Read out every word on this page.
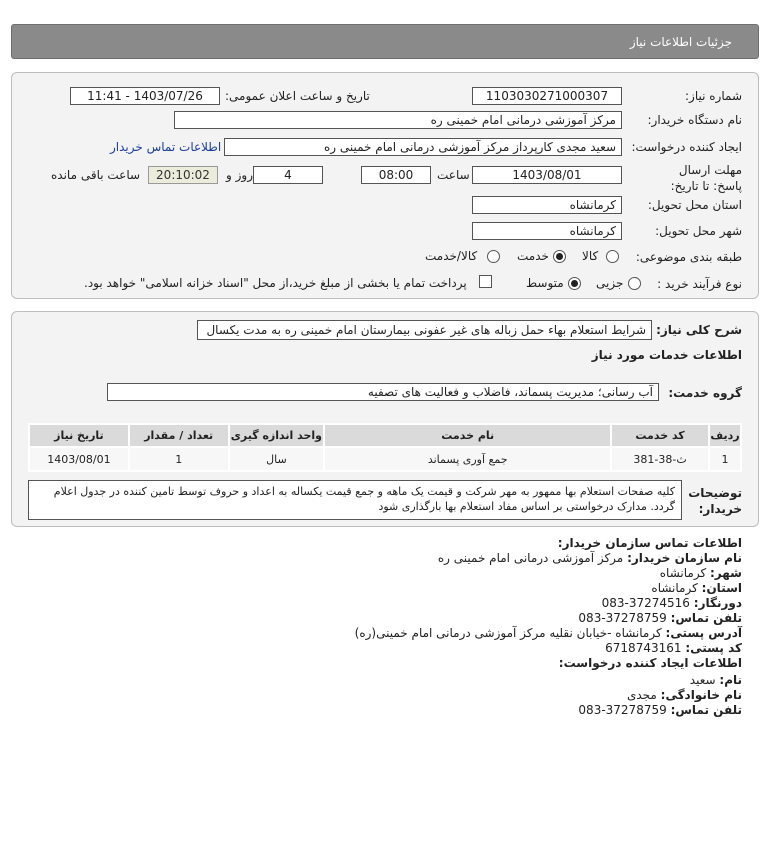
جزئیات اطلاعات نیاز
شماره نیاز:
1103030271000307
تاریخ و ساعت اعلان عمومی:
1403/07/26 - 11:41
نام دستگاه خریدار:
مرکز آموزشی درمانی امام خمینی ره
ایجاد کننده درخواست:
سعید مجدی کارپرداز مرکز آموزشی درمانی امام خمینی ره
اطلاعات تماس خریدار
مهلت ارسال پاسخ: تا تاریخ:
1403/08/01
ساعت
08:00
4
روز و
20:10:02
ساعت باقی مانده
استان محل تحویل:
کرمانشاه
شهر محل تحویل:
کرمانشاه
طبقه بندی موضوعی:
کالا
خدمت
کالا/خدمت
نوع فرآیند خرید :
جزیی
متوسط
پرداخت تمام یا بخشی از مبلغ خرید،از محل "اسناد خزانه اسلامی" خواهد بود.
شرح کلی نیاز:
شرایط استعلام بهاء حمل زباله های غیر عفونی بیمارستان امام خمینی ره به مدت یکسال
اطلاعات خدمات مورد نیاز
گروه خدمت:
آب رسانی؛ مدیریت پسماند، فاضلاب و فعالیت های تصفیه
تاریخ نیاز	تعداد / مقدار	واحد اندازه گیری	نام خدمت	کد خدمت	ردیف
1403/08/01	1	سال	جمع آوری پسماند	ث-38-381	1
توضیحات خریدار:
کلیه صفحات استعلام بها ممهور به مهر شرکت و قیمت یک ماهه و جمع قیمت یکساله به اعداد و حروف توسط تامین کننده در جدول اعلام گردد. مدارک درخواستی بر اساس مفاد استعلام بها بارگذاری شود
اطلاعات تماس سازمان خریدار:
نام سازمان خریدار: مرکز آموزشی درمانی امام خمینی ره
شهر: کرمانشاه
استان: کرمانشاه
دورنگار: 083-37274516
تلفن تماس: 083-37278759
آدرس پستی: کرمانشاه -خیابان نقلیه مرکز آموزشی درمانی امام خمینی(ره)
کد پستی: 6718743161
اطلاعات ایجاد کننده درخواست:
نام: سعید
نام خانوادگی: مجدی
تلفن تماس: 083-37278759
